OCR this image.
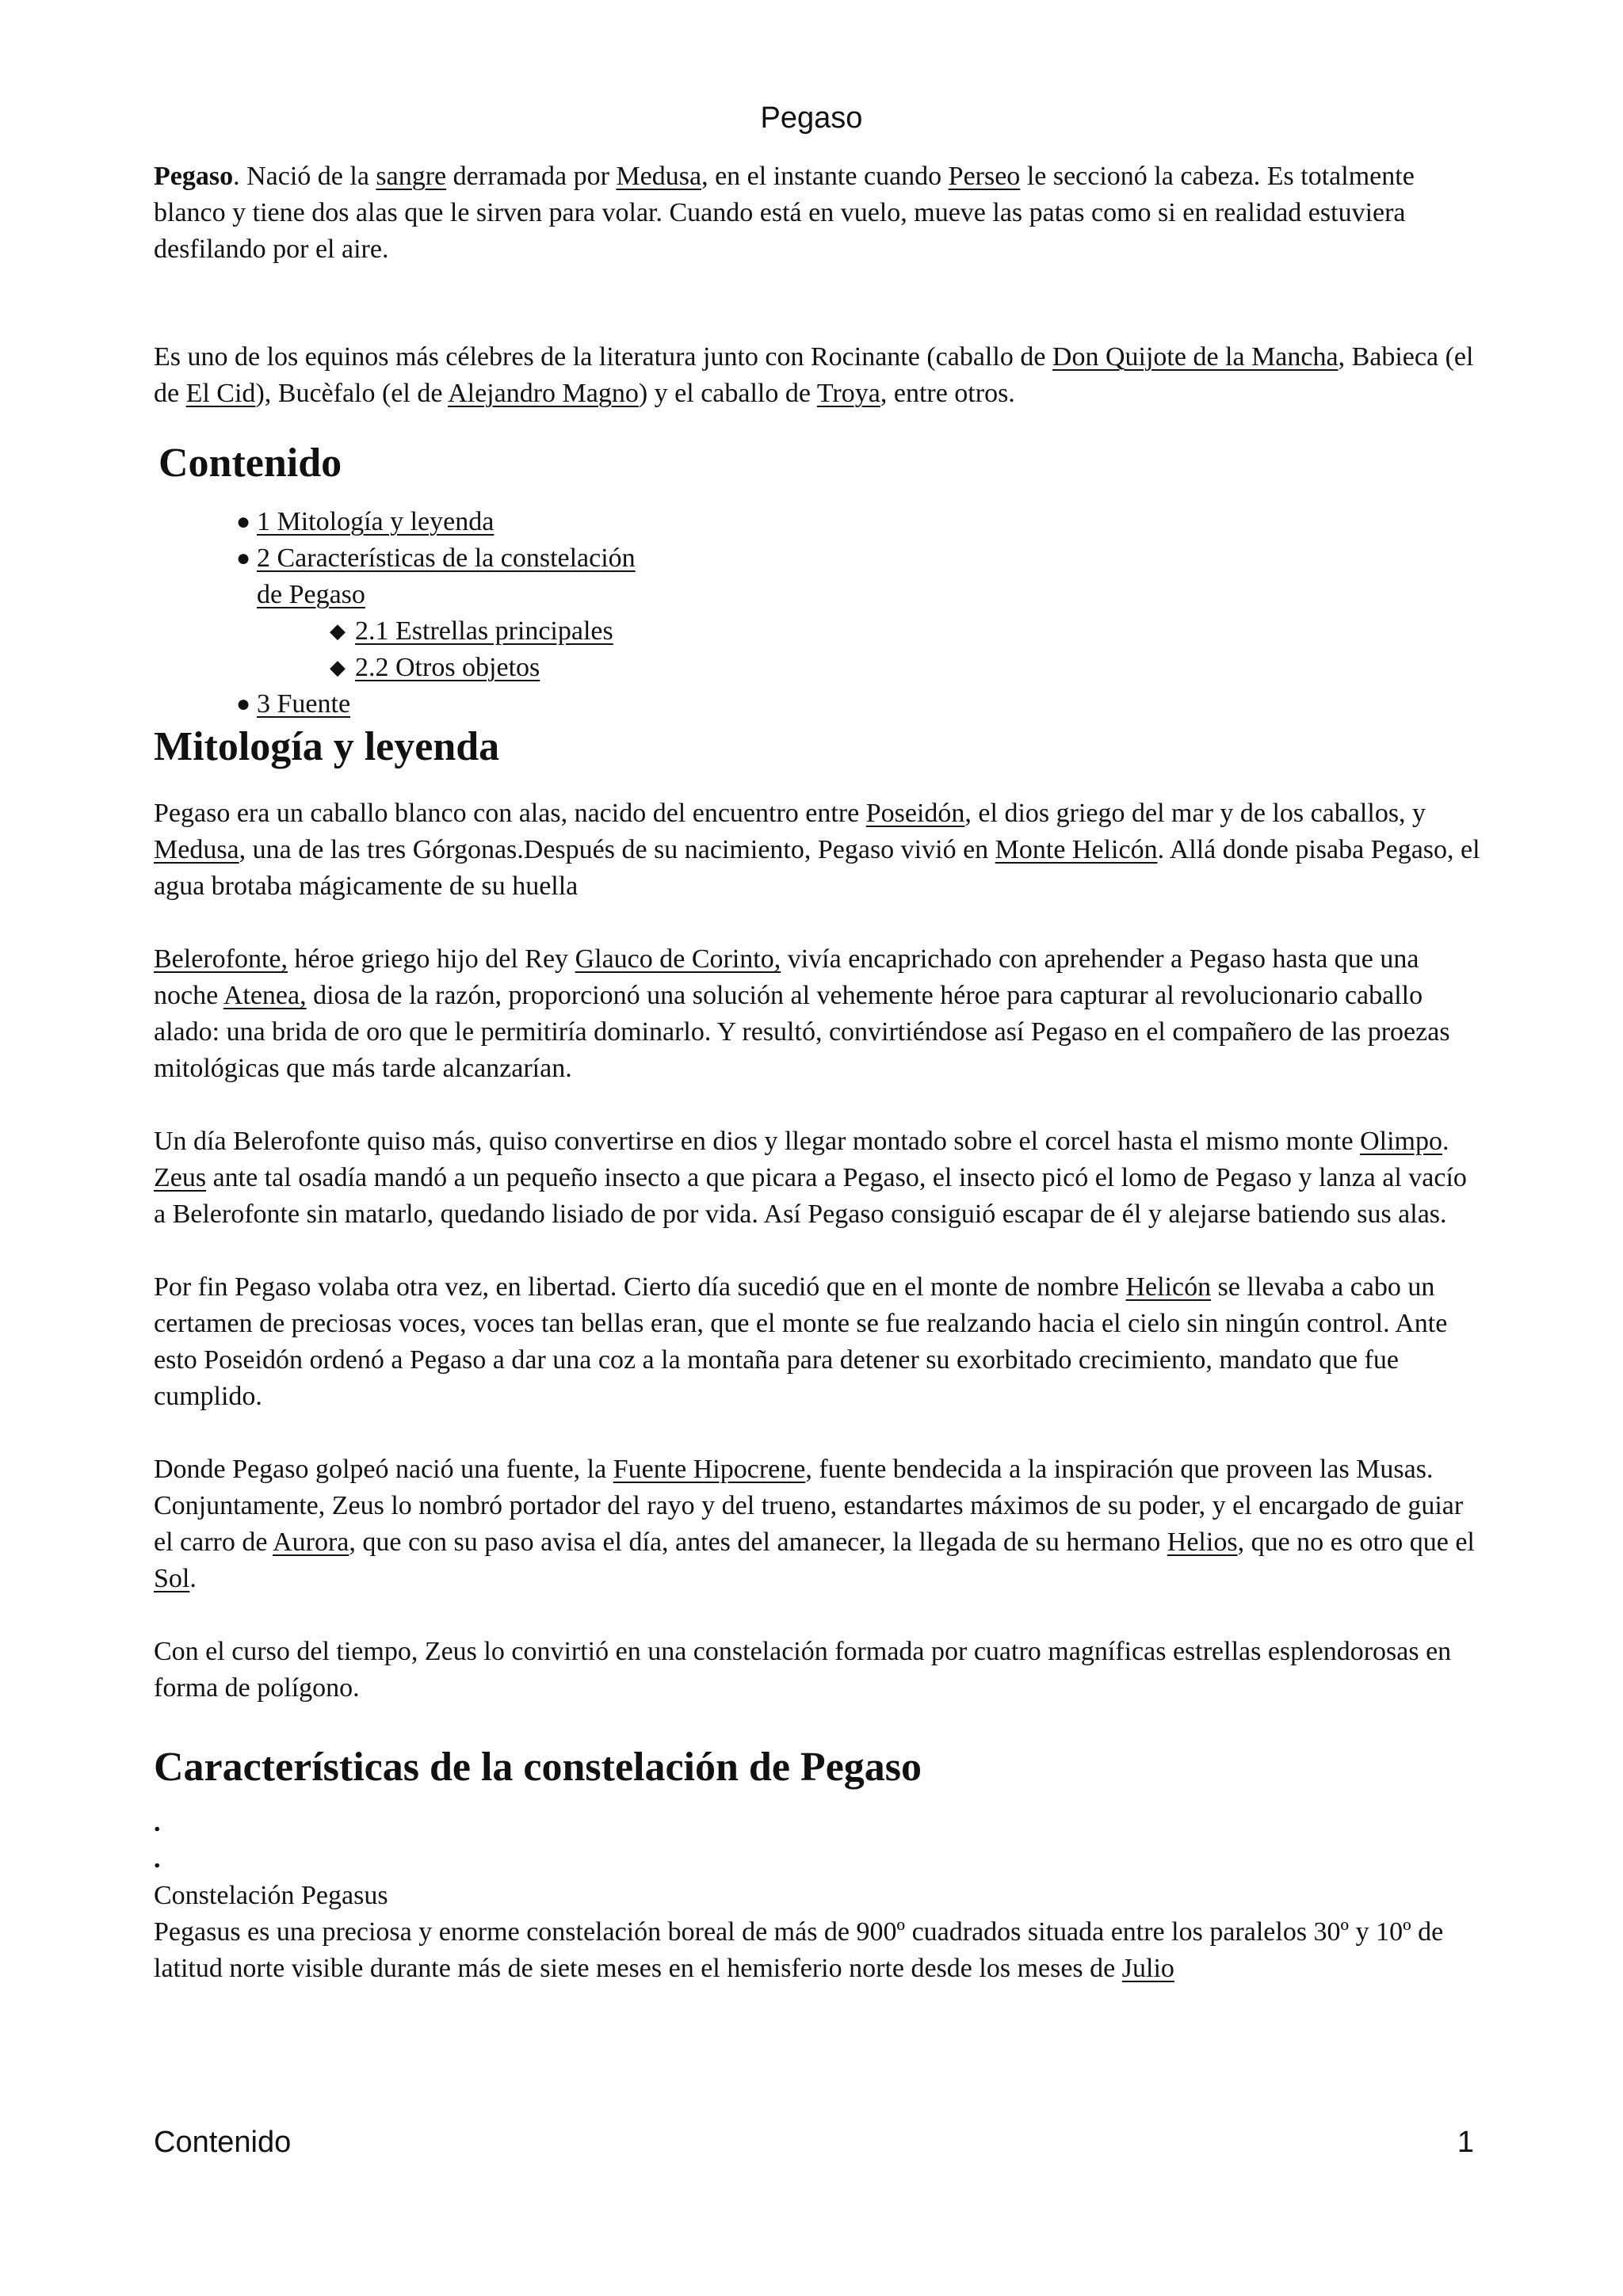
Pegaso

Pegaso. Nació de la sangre derramada por Medusa, en el instante cuando Perseo le seccionó la cabeza. Es totalmente blanco y tiene dos alas que le sirven para volar. Cuando está en vuelo, mueve las patas como si en realidad estuviera desfilando por el aire.

Es uno de los equinos más célebres de la literatura junto con Rocinante (caballo de Don Quijote de la Mancha, Babieca (el de El Cid), Bucèfalo (el de Alejandro Magno) y el caballo de Troya, entre otros.

Contenido
● 1 Mitología y leyenda
● 2 Características de la constelación de Pegaso
◆ 2.1 Estrellas principales
◆ 2.2 Otros objetos
● 3 Fuente
Mitología y leyenda

Pegaso era un caballo blanco con alas, nacido del encuentro entre Poseidón, el dios griego del mar y de los caballos, y Medusa, una de las tres Górgonas.Después de su nacimiento, Pegaso vivió en Monte Helicón. Allá donde pisaba Pegaso, el agua brotaba mágicamente de su huella

Belerofonte, héroe griego hijo del Rey Glauco de Corinto, vivía encaprichado con aprehender a Pegaso hasta que una noche Atenea, diosa de la razón, proporcionó una solución al vehemente héroe para capturar al revolucionario caballo alado: una brida de oro que le permitiría dominarlo. Y resultó, convirtiéndose así Pegaso en el compañero de las proezas mitológicas que más tarde alcanzarían.

Un día Belerofonte quiso más, quiso convertirse en dios y llegar montado sobre el corcel hasta el mismo monte Olimpo. Zeus ante tal osadía mandó a un pequeño insecto a que picara a Pegaso, el insecto picó el lomo de Pegaso y lanza al vacío a Belerofonte sin matarlo, quedando lisiado de por vida. Así Pegaso consiguió escapar de él y alejarse batiendo sus alas.

Por fin Pegaso volaba otra vez, en libertad. Cierto día sucedió que en el monte de nombre Helicón se llevaba a cabo un certamen de preciosas voces, voces tan bellas eran, que el monte se fue realzando hacia el cielo sin ningún control. Ante esto Poseidón ordenó a Pegaso a dar una coz a la montaña para detener su exorbitado crecimiento, mandato que fue cumplido.

Donde Pegaso golpeó nació una fuente, la Fuente Hipocrene, fuente bendecida a la inspiración que proveen las Musas. Conjuntamente, Zeus lo nombró portador del rayo y del trueno, estandartes máximos de su poder, y el encargado de guiar el carro de Aurora, que con su paso avisa el día, antes del amanecer, la llegada de su hermano Helios, que no es otro que el Sol.

Con el curso del tiempo, Zeus lo convirtió en una constelación formada por cuatro magníficas estrellas esplendorosas en forma de polígono.

Características de la constelación de Pegaso
.
.

Constelación Pegasus

Pegasus es una preciosa y enorme constelación boreal de más de 900º cuadrados situada entre los paralelos 30º y 10º de latitud norte visible durante más de siete meses en el hemisferio norte desde los meses de Julio

Contenido	1
